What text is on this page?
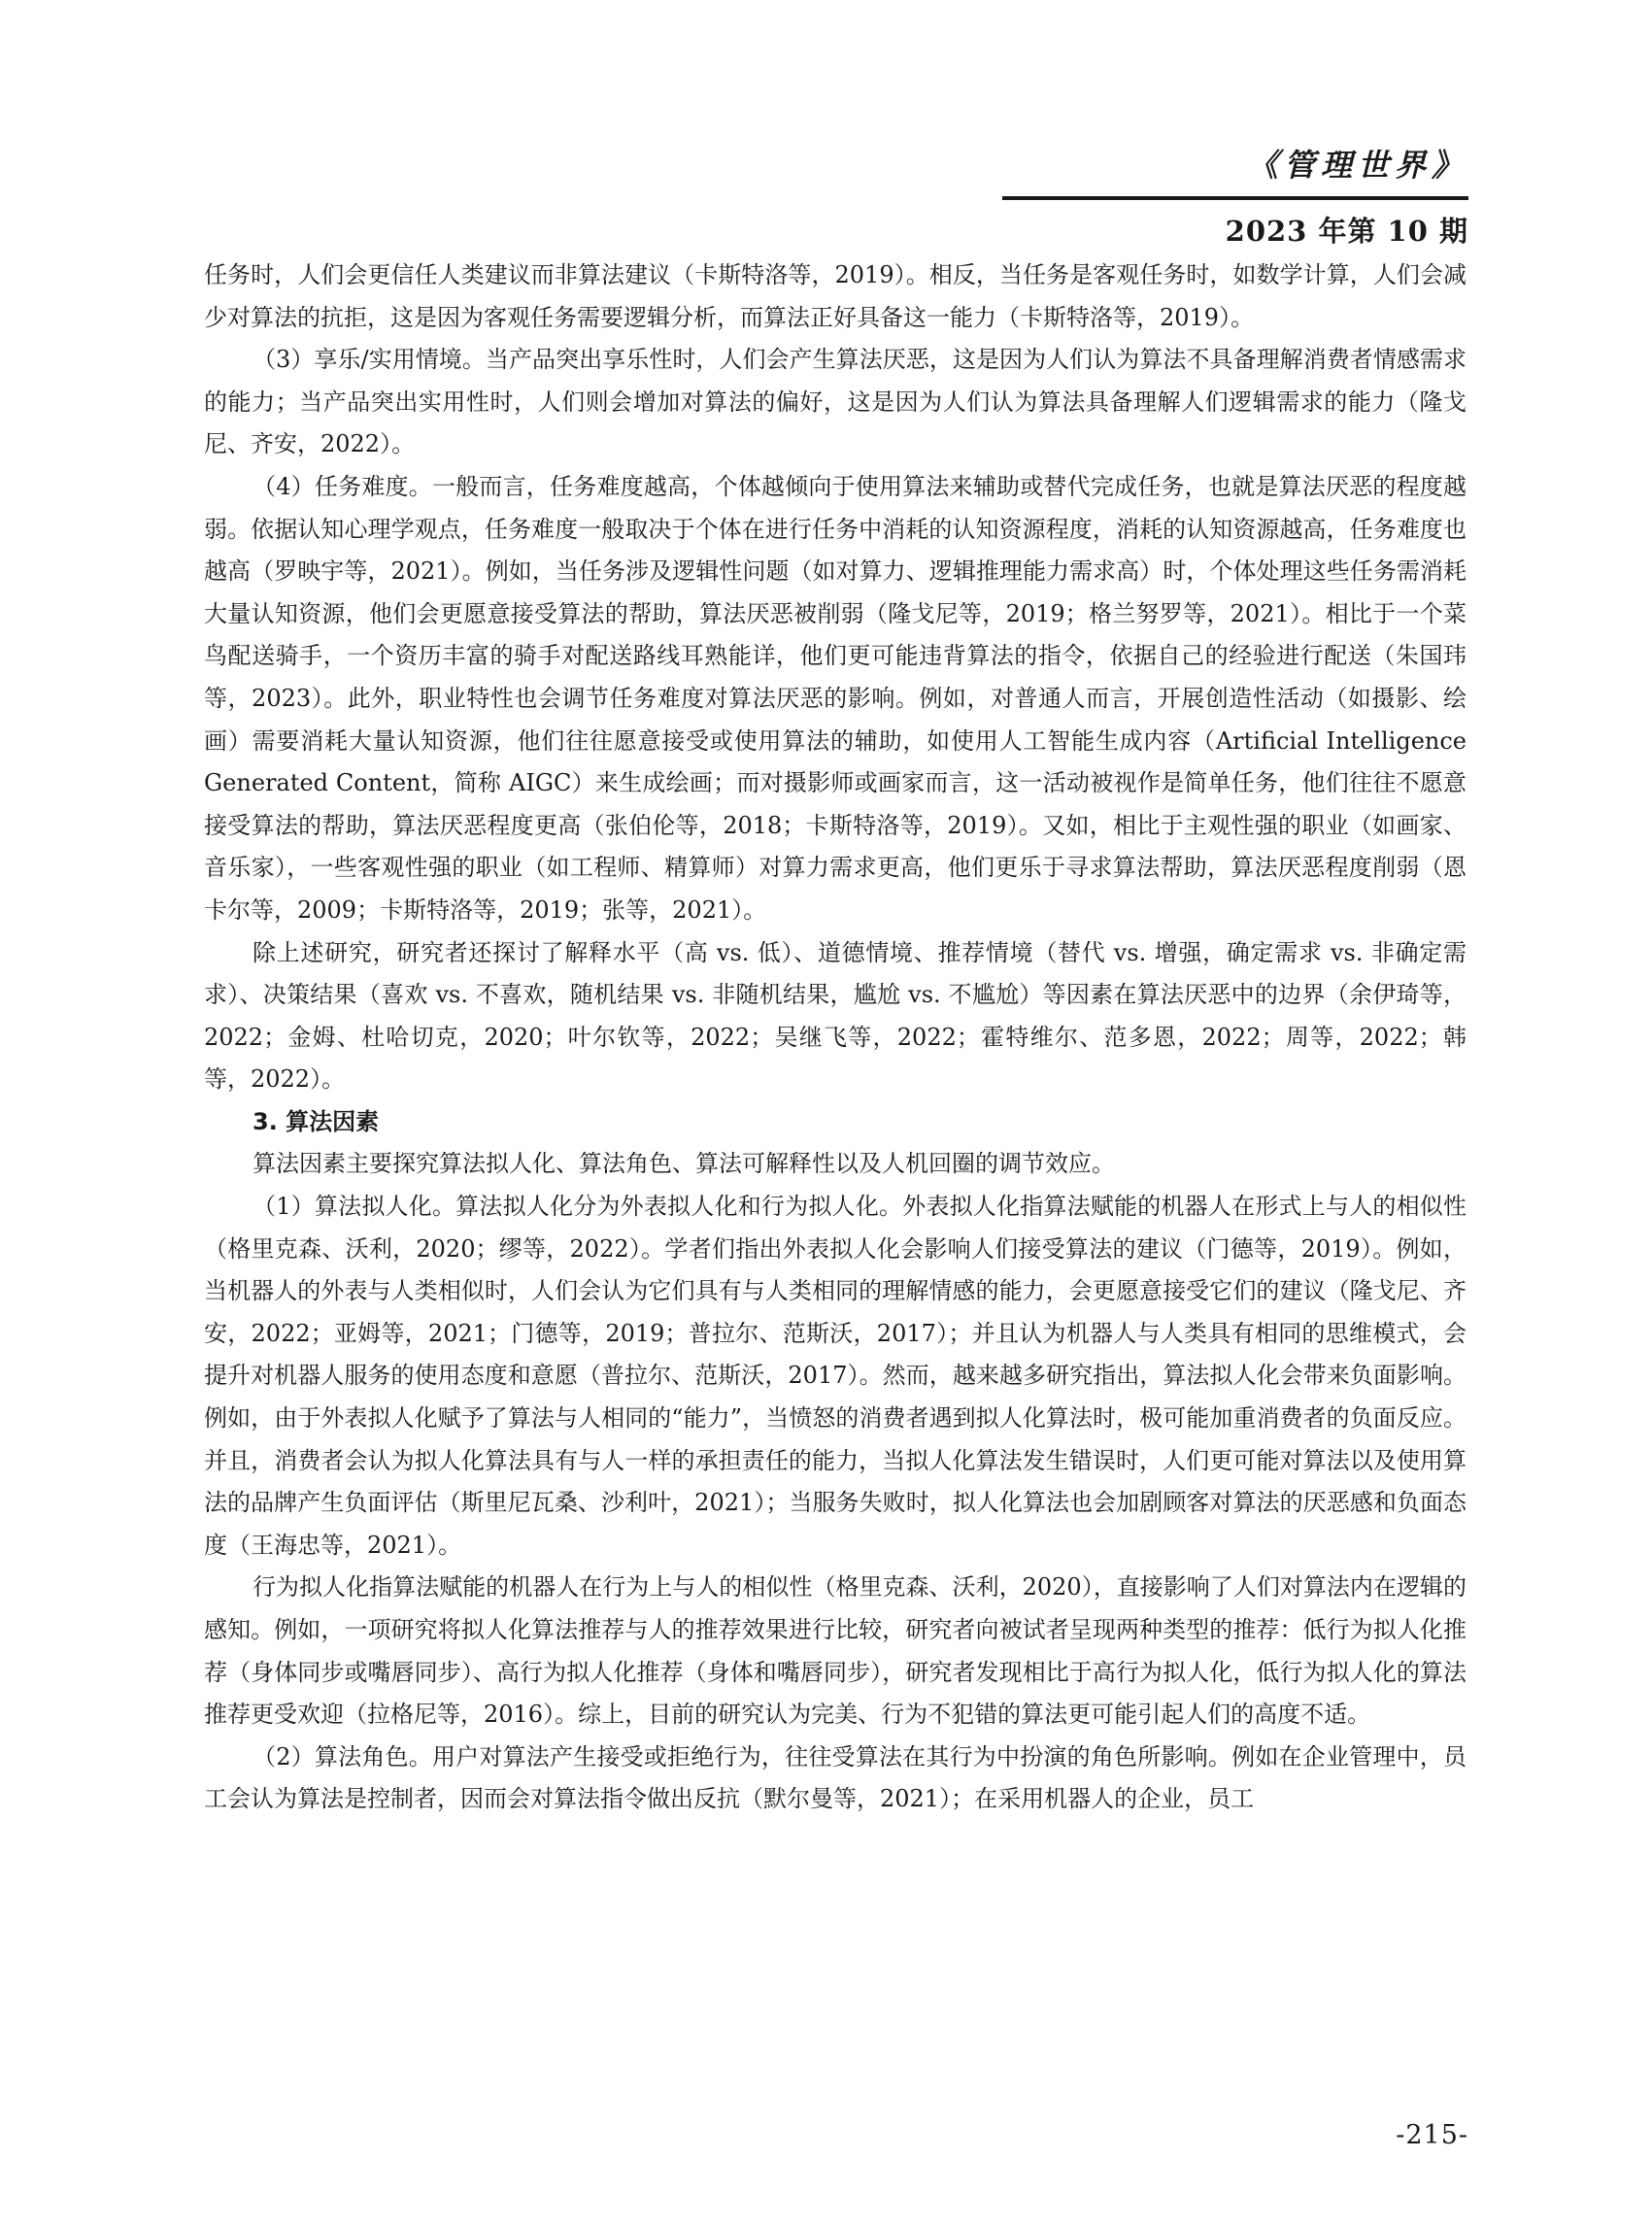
《管理世界》
2023 年第 10 期

任务时，人们会更信任人类建议而非算法建议（卡斯特洛等，2019）。相反，当任务是客观任务时，如数学计算，人们会减少对算法的抗拒，这是因为客观任务需要逻辑分析，而算法正好具备这一能力（卡斯特洛等，2019）。

（3）享乐/实用情境。当产品突出享乐性时，人们会产生算法厌恶，这是因为人们认为算法不具备理解消费者情感需求的能力；当产品突出实用性时，人们则会增加对算法的偏好，这是因为人们认为算法具备理解人们逻辑需求的能力（隆戈尼、齐安，2022）。

（4）任务难度。一般而言，任务难度越高，个体越倾向于使用算法来辅助或替代完成任务，也就是算法厌恶的程度越弱。依据认知心理学观点，任务难度一般取决于个体在进行任务中消耗的认知资源程度，消耗的认知资源越高，任务难度也越高（罗映宇等，2021）。例如，当任务涉及逻辑性问题（如对算力、逻辑推理能力需求高）时，个体处理这些任务需消耗大量认知资源，他们会更愿意接受算法的帮助，算法厌恶被削弱（隆戈尼等，2019；格兰努罗等，2021）。相比于一个菜鸟配送骑手，一个资历丰富的骑手对配送路线耳熟能详，他们更可能违背算法的指令，依据自己的经验进行配送（朱国玮等，2023）。此外，职业特性也会调节任务难度对算法厌恶的影响。例如，对普通人而言，开展创造性活动（如摄影、绘画）需要消耗大量认知资源，他们往往愿意接受或使用算法的辅助，如使用人工智能生成内容（Artificial Intelligence Generated Content，简称 AIGC）来生成绘画；而对摄影师或画家而言，这一活动被视作是简单任务，他们往往不愿意接受算法的帮助，算法厌恶程度更高（张伯伦等，2018；卡斯特洛等，2019）。又如，相比于主观性强的职业（如画家、音乐家），一些客观性强的职业（如工程师、精算师）对算力需求更高，他们更乐于寻求算法帮助，算法厌恶程度削弱（恩卡尔等，2009；卡斯特洛等，2019；张等，2021）。

除上述研究，研究者还探讨了解释水平（高 vs. 低）、道德情境、推荐情境（替代 vs. 增强，确定需求 vs. 非确定需求）、决策结果（喜欢 vs. 不喜欢，随机结果 vs. 非随机结果，尴尬 vs. 不尴尬）等因素在算法厌恶中的边界（余伊琦等，2022；金姆、杜哈切克，2020；叶尔钦等，2022；吴继飞等，2022；霍特维尔、范多恩，2022；周等，2022；韩等，2022）。

3. 算法因素

算法因素主要探究算法拟人化、算法角色、算法可解释性以及人机回圈的调节效应。

（1）算法拟人化。算法拟人化分为外表拟人化和行为拟人化。外表拟人化指算法赋能的机器人在形式上与人的相似性（格里克森、沃利，2020；缪等，2022）。学者们指出外表拟人化会影响人们接受算法的建议（门德等，2019）。例如，当机器人的外表与人类相似时，人们会认为它们具有与人类相同的理解情感的能力，会更愿意接受它们的建议（隆戈尼、齐安，2022；亚姆等，2021；门德等，2019；普拉尔、范斯沃，2017）；并且认为机器人与人类具有相同的思维模式，会提升对机器人服务的使用态度和意愿（普拉尔、范斯沃，2017）。然而，越来越多研究指出，算法拟人化会带来负面影响。例如，由于外表拟人化赋予了算法与人相同的“能力”，当愤怒的消费者遇到拟人化算法时，极可能加重消费者的负面反应。并且，消费者会认为拟人化算法具有与人一样的承担责任的能力，当拟人化算法发生错误时，人们更可能对算法以及使用算法的品牌产生负面评估（斯里尼瓦桑、沙利叶，2021）；当服务失败时，拟人化算法也会加剧顾客对算法的厌恶感和负面态度（王海忠等，2021）。

行为拟人化指算法赋能的机器人在行为上与人的相似性（格里克森、沃利，2020），直接影响了人们对算法内在逻辑的感知。例如，一项研究将拟人化算法推荐与人的推荐效果进行比较，研究者向被试者呈现两种类型的推荐：低行为拟人化推荐（身体同步或嘴唇同步）、高行为拟人化推荐（身体和嘴唇同步），研究者发现相比于高行为拟人化，低行为拟人化的算法推荐更受欢迎（拉格尼等，2016）。综上，目前的研究认为完美、行为不犯错的算法更可能引起人们的高度不适。

（2）算法角色。用户对算法产生接受或拒绝行为，往往受算法在其行为中扮演的角色所影响。例如在企业管理中，员工会认为算法是控制者，因而会对算法指令做出反抗（默尔曼等，2021）；在采用机器人的企业，员工

-215-
